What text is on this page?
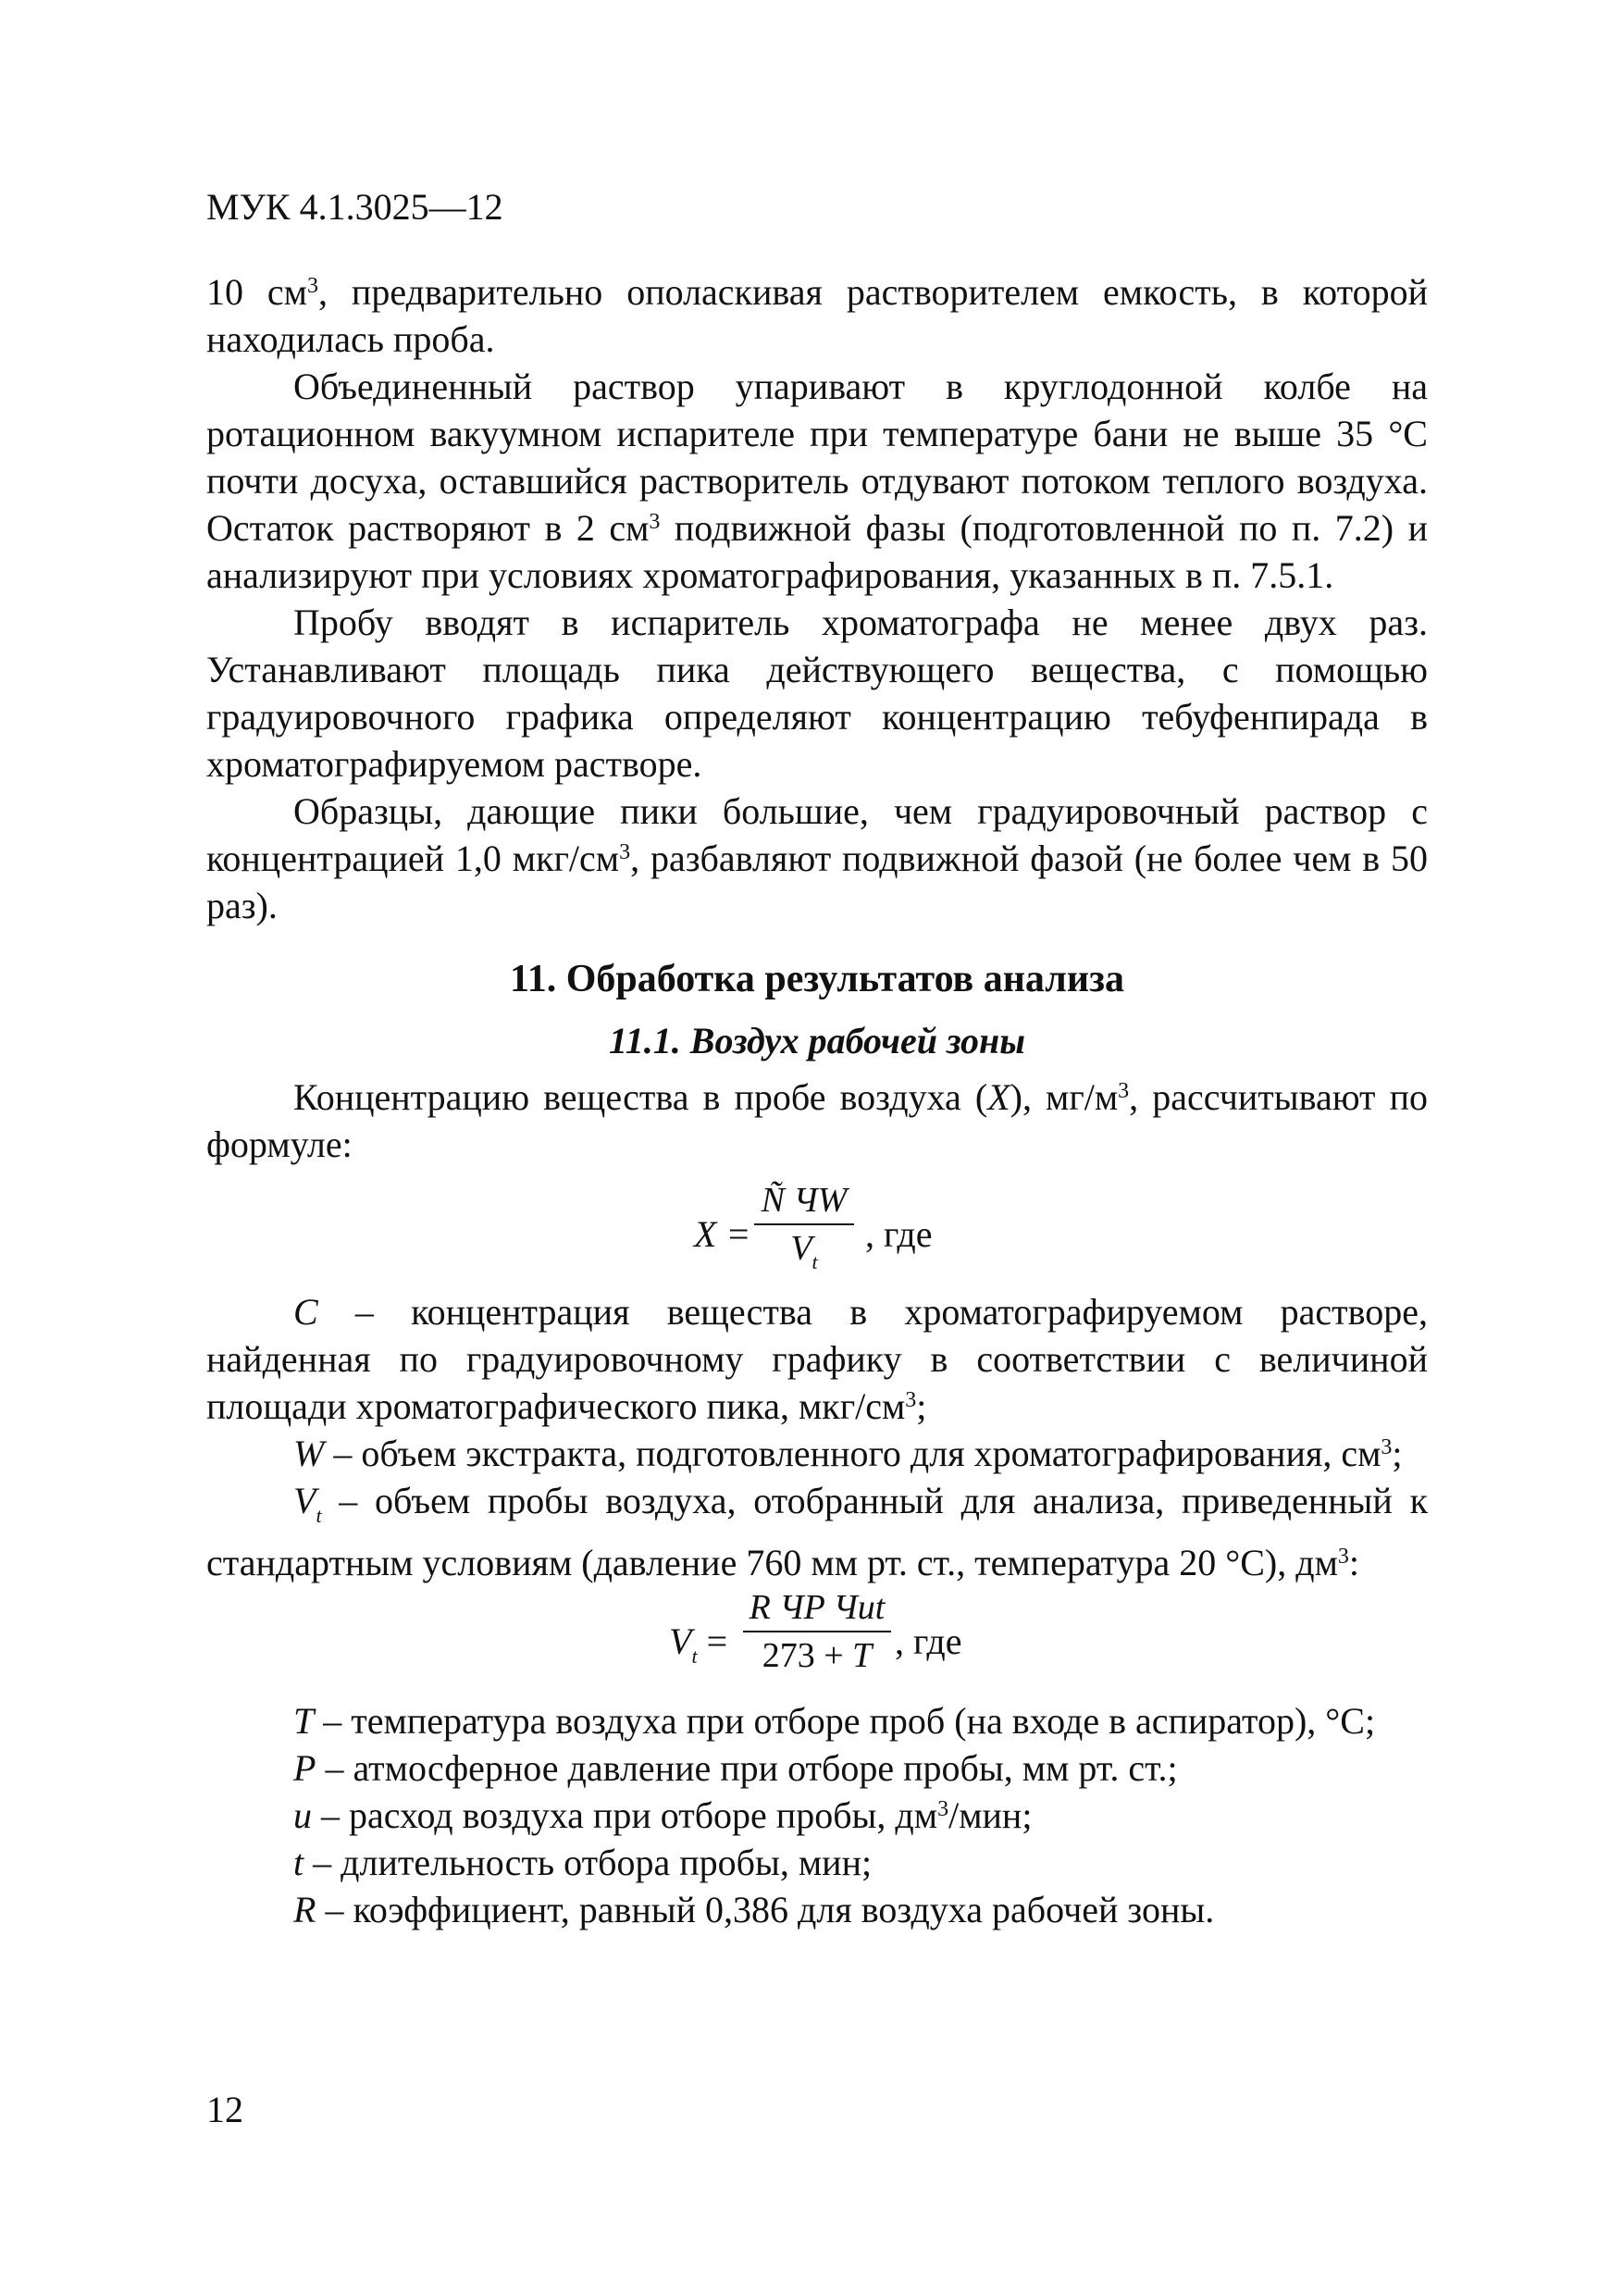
МУК 4.1.3025—12

10 $см^3$, предварительно ополаскивая растворителем емкость, в которой находилась проба.

Объединенный раствор упаривают в круглодонной колбе на ротационном вакуумном испарителе при температуре бани не выше 35 °С почти досуха, оставшийся растворитель отдувают потоком теплого воздуха. Остаток растворяют в 2 $см^3$ подвижной фазы (подготовленной по п. 7.2) и анализируют при условиях хроматографирования, указанных в п. 7.5.1.

Пробу вводят в испаритель хроматографа не менее двух раз. Устанавливают площадь пика действующего вещества, с помощью градуировочного графика определяют концентрацию тебуфенпирада в хроматографируемом растворе.

Образцы, дающие пики большие, чем градуировочный раствор с концентрацией 1,0 мкг/$см^3$, разбавляют подвижной фазой (не более чем в 50 раз).

11. Обработка результатов анализа
11.1. Воздух рабочей зоны

Концентрацию вещества в пробе воздуха (Х), $мг/м^3$, рассчитывают по формуле:

X =
Ñ ЧW
$V_t$
, где

С – концентрация вещества в хроматографируемом растворе, найденная по градуировочному графику в соответствии с величиной площади хроматографического пика, мкг/$см^3$;

W – объем экстракта, подготовленного для хроматографирования, $см^3$;

$V_t$ – объем пробы воздуха, отобранный для анализа, приведенный к стандартным условиям (давление 760 мм рт. ст., температура 20 °С), $дм^3$:

$V_t$ =
R ЧP Чut
273 + T , где

T – температура воздуха при отборе проб (на входе в аспиратор), °С;

P – атмосферное давление при отборе пробы, мм рт. ст.;

u – расход воздуха при отборе пробы, $дм^3$/мин;

t – длительность отбора пробы, мин;

R – коэффициент, равный 0,386 для воздуха рабочей зоны.

12
